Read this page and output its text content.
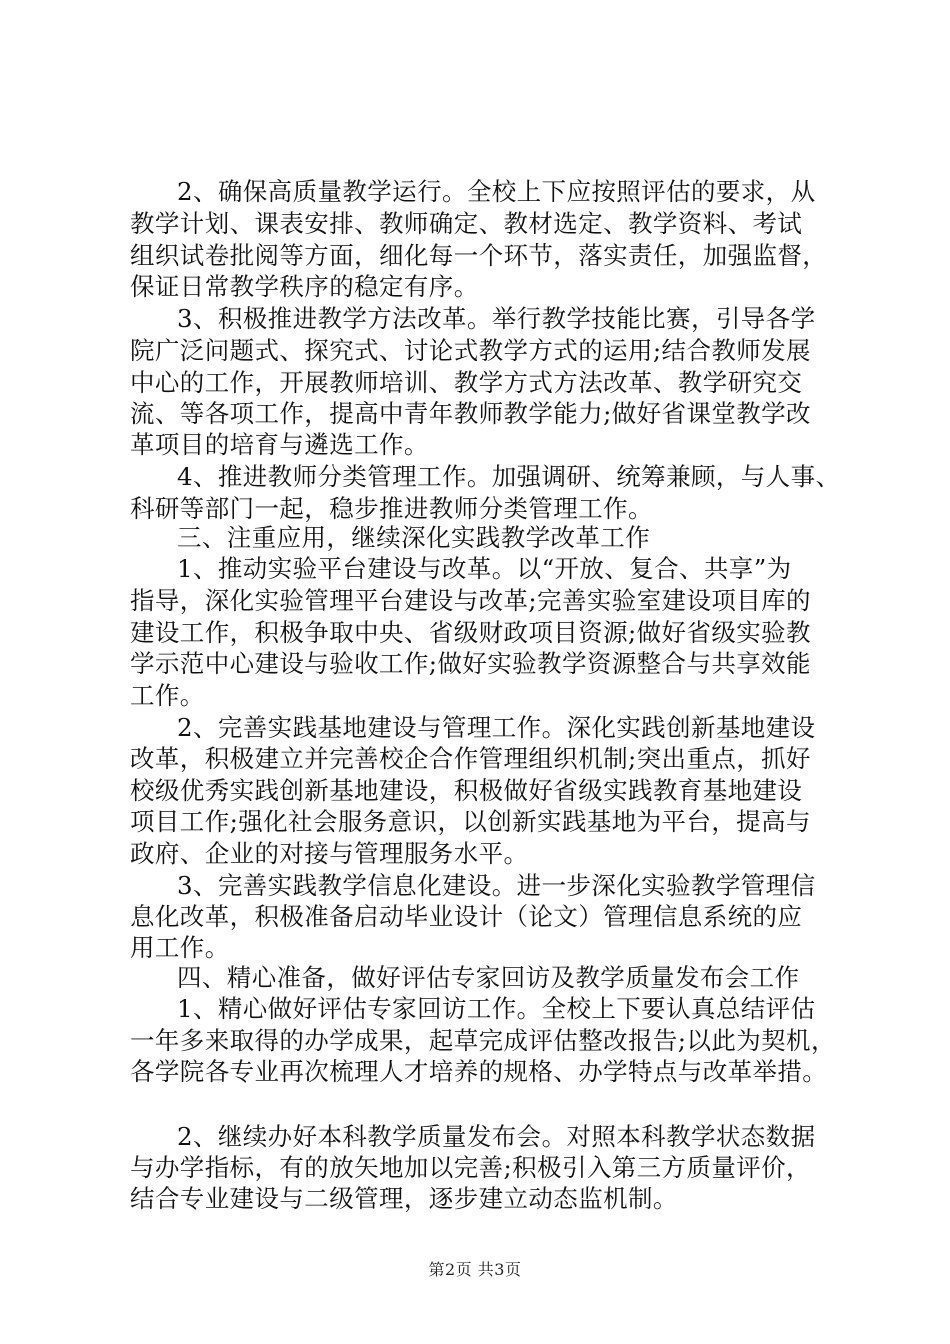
2、确保高质量教学运行。全校上下应按照评估的要求，从
教学计划、课表安排、教师确定、教材选定、教学资料、考试
组织试卷批阅等方面，细化每一个环节，落实责任，加强监督，
保证日常教学秩序的稳定有序。
3、积极推进教学方法改革。举行教学技能比赛，引导各学
院广泛问题式、探究式、讨论式教学方式的运用;结合教师发展
中心的工作，开展教师培训、教学方式方法改革、教学研究交
流、等各项工作，提高中青年教师教学能力;做好省课堂教学改
革项目的培育与遴选工作。
4、推进教师分类管理工作。加强调研、统筹兼顾，与人事、
科研等部门一起，稳步推进教师分类管理工作。
三、注重应用，继续深化实践教学改革工作
1、推动实验平台建设与改革。以“开放、复合、共享”为
指导，深化实验管理平台建设与改革;完善实验室建设项目库的
建设工作，积极争取中央、省级财政项目资源;做好省级实验教
学示范中心建设与验收工作;做好实验教学资源整合与共享效能
工作。
2、完善实践基地建设与管理工作。深化实践创新基地建设
改革，积极建立并完善校企合作管理组织机制;突出重点，抓好
校级优秀实践创新基地建设，积极做好省级实践教育基地建设
项目工作;强化社会服务意识，以创新实践基地为平台，提高与
政府、企业的对接与管理服务水平。
3、完善实践教学信息化建设。进一步深化实验教学管理信
息化改革，积极准备启动毕业设计（论文）管理信息系统的应
用工作。
四、精心准备，做好评估专家回访及教学质量发布会工作
1、精心做好评估专家回访工作。全校上下要认真总结评估
一年多来取得的办学成果，起草完成评估整改报告;以此为契机，
各学院各专业再次梳理人才培养的规格、办学特点与改革举措。
2、继续办好本科教学质量发布会。对照本科教学状态数据
与办学指标，有的放矢地加以完善;积极引入第三方质量评价，
结合专业建设与二级管理，逐步建立动态监机制。
第2页 共3页
